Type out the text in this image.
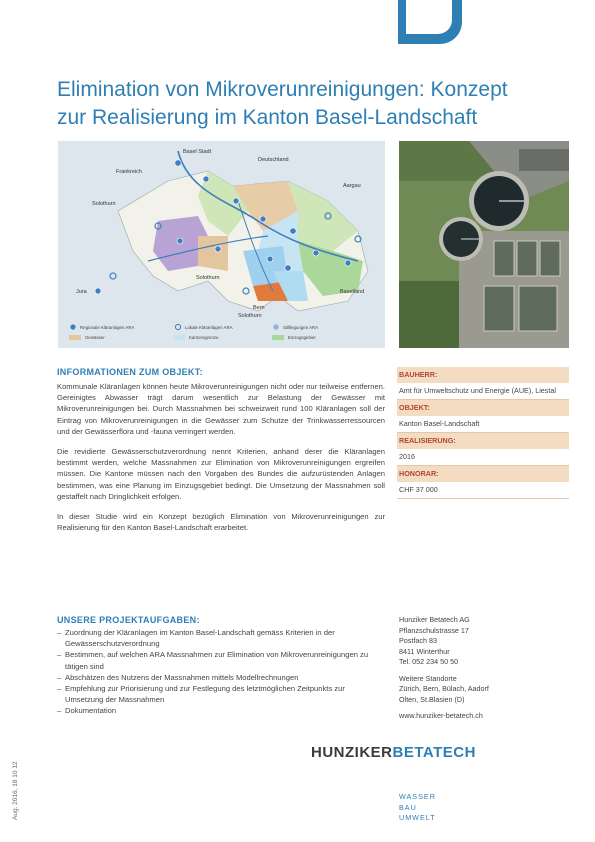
Elimination von Mikroverunreinigungen: Konzept
zur Realisierung im Kanton Basel-Landschaft
Basel Stadt
Frankreich
Deutschland
Aargau
Solothurn
Solothurn
Jura
Bern
Solothurn
Baselland
Regionale Kläranlagen ARA	Lokale Kläranlagen ARA	Stilllegungen ARA
Gewässer	Kantonsgrenze	Einzugsgebiet
INFORMATIONEN ZUM OBJEKT:

Kommunale Kläranlagen können heute Mikroverunreinigungen nicht oder nur teilweise entfernen. Gereinigtes Abwasser trägt darum wesentlich zur Belastung der Gewässer mit Mikroverunreinigungen bei. Durch Massnahmen bei schweizweit rund 100 Kläranlagen soll der Eintrag von Mikroverunreinigungen in die Gewässer zum Schutze der Trinkwasserressourcen und der Gewässerflora und -fauna verringert werden.

Die revidierte Gewässerschutzverordnung nennt Kriterien, anhand derer die Kläranlagen bestimmt werden, welche Massnahmen zur Elimination von Mikroverunreinigungen ergreifen müssen. Die Kantone müssen nach den Vorgaben des Bundes die aufzurüstenden Anlagen bestimmen, was eine Planung im Einzugsgebiet bedingt. Die Umsetzung der Massnahmen soll gestaffelt nach Dringlichkeit erfolgen.

In dieser Studie wird ein Konzept bezüglich Elimination von Mikroverunreinigungen zur Realisierung für den Kanton Basel-Landschaft erarbeitet.

BAUHERR:
Amt für Umweltschutz und Energie (AUE), Liestal
OBJEKT:
Kanton Basel-Landschaft
REALISIERUNG:
2016
HONORAR:
CHF 37 000
UNSERE PROJEKTAUFGABEN:
– Zuordnung der Kläranlagen im Kanton Basel-Landschaft gemäss Kriterien in der Gewässerschutzverordnung
– Bestimmen, auf welchen ARA Massnahmen zur Elimination von Mikroverunreinigungen zu tätigen sind
– Abschätzen des Nutzens der Massnahmen mittels Modellrechnungen
– Empfehlung zur Priorisierung und zur Festlegung des letztmöglichen Zeitpunkts zur Umsetzung der Massnahmen
– Dokumentation
Hunziker Betatech AG
Pflanzschulstrasse 17
Postfach 83
8411 Winterthur
Tel. 052 234 50 50
Weitere Standorte
Zürich, Bern, Bülach, Aadorf
Olten, St.Blasien (D)
www.hunziker-betatech.ch
HUNZIKERBETATECH
WASSER
BAU
UMWELT
Aug. 2016, 18 10 12
